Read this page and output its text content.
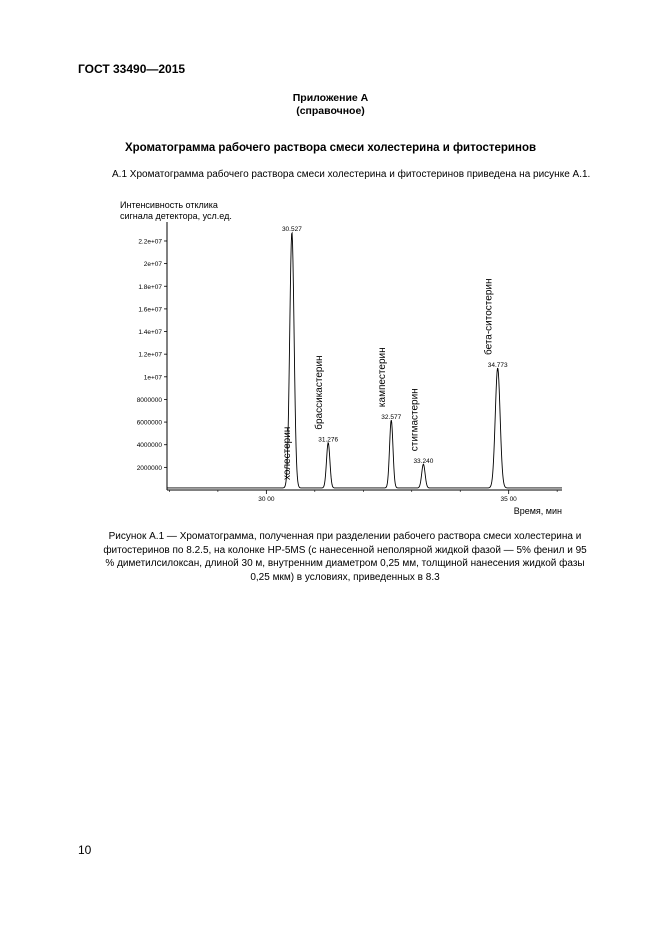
ГОСТ 33490—2015
Приложение А
(справочное)
Хроматограмма рабочего раствора смеси холестерина и фитостеринов
А.1 Хроматограмма рабочего раствора смеси холестерина и фитостеринов приведена на рисунке А.1.
Интенсивность отклика
сигнала детектора, усл.ед.
Время, мин
2000000
4000000
6000000
8000000
1e+07
1.2e+07
1.4e+07
1.6e+07
1.8e+07
2e+07
2.2e+07
30 00	35 00
30.527
холестерин	31.276
брассикастерин	32.577
кампестерин
33.240
стигмастерин
34.773
бета-ситостерин
Рисунок А.1 — Хроматограмма, полученная при разделении рабочего раствора смеси холестерина и фитостеринов по 8.2.5, на колонке HP-5MS (с нанесенной неполярной жидкой фазой — 5% фенил и 95 % диметилсилоксан, длиной 30 м, внутренним диаметром 0,25 мм, толщиной нанесения жидкой фазы 0,25 мкм) в условиях, приведенных в 8.3
10
